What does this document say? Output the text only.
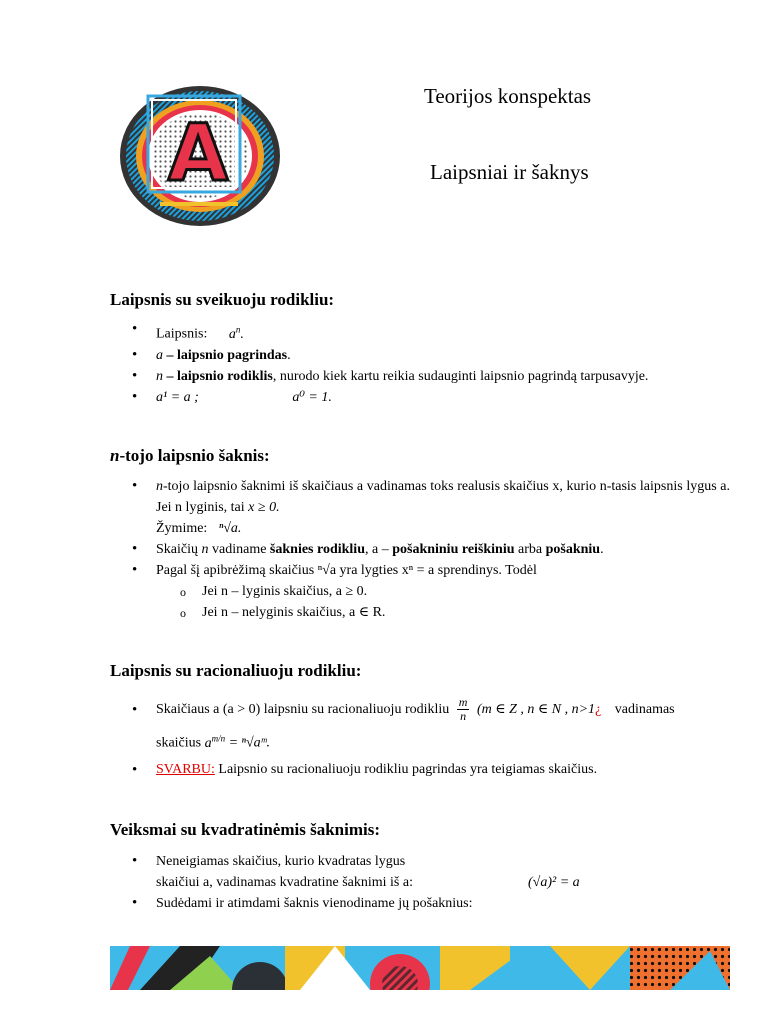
A
Teorijos konspektas
Laipsniai ir šaknys
Laipsnis su sveikuoju rodikliu:
• Laipsnis: $a^n$.
• a – laipsnio pagrindas.
• n – laipsnio rodiklis, nurodo kiek kartu reikia sudauginti laipsnio pagrindą tarpusavyje.
• a¹ = a ;	a⁰ = 1.
n-tojo laipsnio šaknis:
• n-tojo laipsnio šaknimi iš skaičiaus a vadinamas toks realusis skaičius x, kurio n-tasis laipsnis lygus a. Jei n lyginis, tai x ≥ 0.
Žymime: ⁿ√a.
• Skaičių n vadiname šaknies rodikliu, a – pošakniniu reiškiniu arba pošakniu.
• Pagal šį apibrėžimą skaičius ⁿ√a yra lygties xⁿ = a sprendinys. Todėl
o Jei n – lyginis skaičius, a ≥ 0.
o Jei n – nelyginis skaičius, a ∈ R.
Laipsnis su racionaliuoju rodikliu:
• Skaičiaus a (a > 0) laipsniu su racionaliuoju rodikliu $\frac{m}{n} (m$ ∈ Z , n ∈ N , n>1¿ vadinamas
skaičius $a^{m/n}$ = ⁿ√aᵐ.
• SVARBU: Laipsnio su racionaliuoju rodikliu pagrindas yra teigiamas skaičius.
Veiksmai su kvadratinėmis šaknimis:
• Neneigiamas skaičius, kurio kvadratas lygus
skaičiui a, vadinamas kvadratine šaknimi iš a:	(√a)² = a
• Sudėdami ir atimdami šaknis vienodiname jų pošaknius:
